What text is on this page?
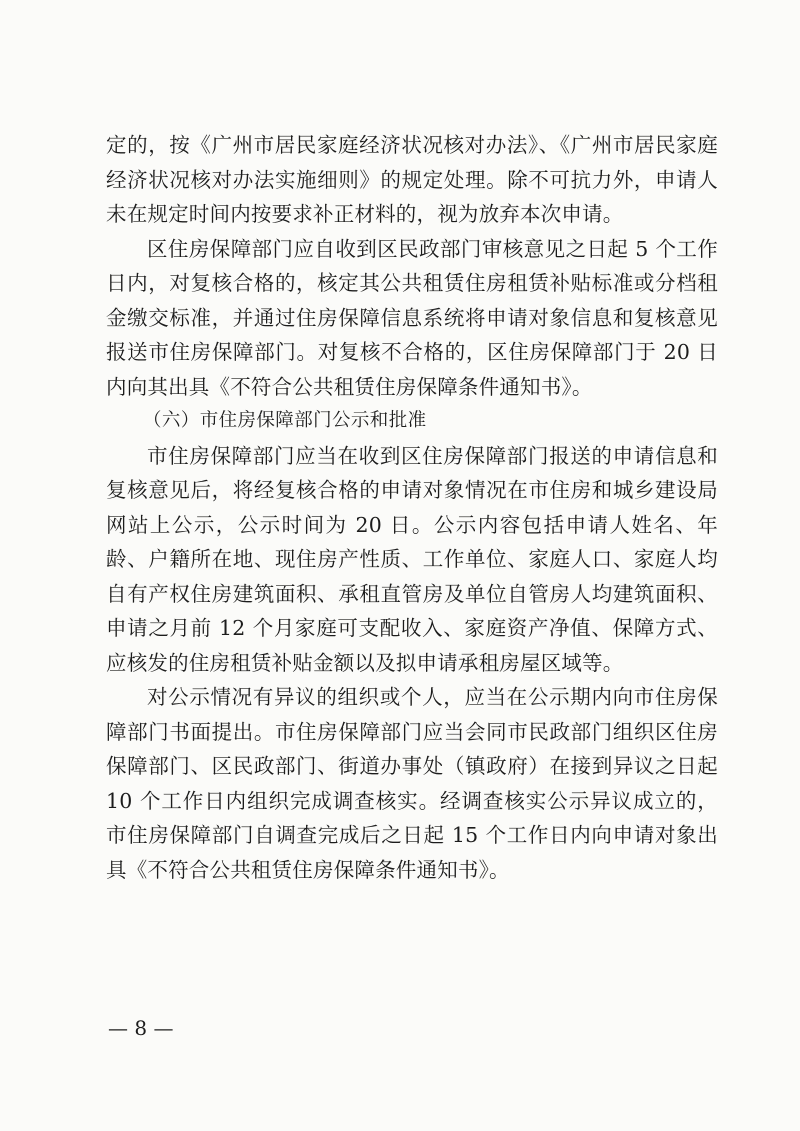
定的，按《广州市居民家庭经济状况核对办法》、《广州市居民家庭经济状况核对办法实施细则》的规定处理。除不可抗力外，申请人未在规定时间内按要求补正材料的，视为放弃本次申请。

区住房保障部门应自收到区民政部门审核意见之日起 5 个工作日内，对复核合格的，核定其公共租赁住房租赁补贴标准或分档租金缴交标准，并通过住房保障信息系统将申请对象信息和复核意见报送市住房保障部门。对复核不合格的，区住房保障部门于 20 日内向其出具《不符合公共租赁住房保障条件通知书》。

（六）市住房保障部门公示和批准

市住房保障部门应当在收到区住房保障部门报送的申请信息和复核意见后，将经复核合格的申请对象情况在市住房和城乡建设局网站上公示，公示时间为 20 日。公示内容包括申请人姓名、年龄、户籍所在地、现住房产性质、工作单位、家庭人口、家庭人均自有产权住房建筑面积、承租直管房及单位自管房人均建筑面积、申请之月前 12 个月家庭可支配收入、家庭资产净值、保障方式、应核发的住房租赁补贴金额以及拟申请承租房屋区域等。

对公示情况有异议的组织或个人，应当在公示期内向市住房保障部门书面提出。市住房保障部门应当会同市民政部门组织区住房保障部门、区民政部门、街道办事处（镇政府）在接到异议之日起 10 个工作日内组织完成调查核实。经调查核实公示异议成立的，市住房保障部门自调查完成后之日起 15 个工作日内向申请对象出具《不符合公共租赁住房保障条件通知书》。

— 8 —
